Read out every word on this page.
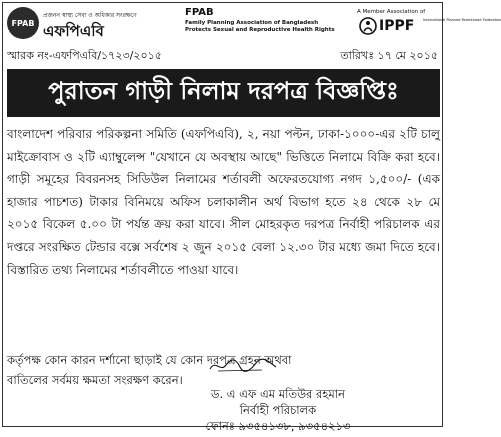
FPAB
প্রজনন স্বাস্থ্য সেবা ও অধিকার সংরক্ষণে
এফপিএবি
FPAB
Family Planning Association of Bangladesh
Protects Sexual and Reproductive Health Rights
A Member Association of
IPPF International Planned Parenthood Federation
স্মারক নং-এফপিএবি/১৭২৩/২০১৫	তারিখঃ ১৭ মে ২০১৫
পুরাতন গাড়ী নিলাম দরপত্র বিজ্ঞপ্তিঃ

বাংলাদেশ পরিবার পরিকল্পনা সমিতি (এফপিএবি), ২, নয়া পল্টন, ঢাকা-১০০০-এর ২টি চালু মাইক্রোবাস ও ২টি এ্যাম্বুলেন্স "যেখানে যে অবস্থায় আছে" ভিত্তিতে নিলামে বিক্রি করা হবে। গাড়ী সমূহের বিবরনসহ সিডিউল নিলামের শর্তাবলী অফেরতযোগ্য নগদ ১,৫০০/- (এক হাজার পাচশত) টাকার বিনিময়ে অফিস চলাকালীন অর্থ বিভাগ হতে ২৪ থেকে ২৮ মে ২০১৫ বিকেল ৫.০০ টা পর্যন্ত ক্রয় করা যাবে। সীল মোহরকৃত দরপত্র নির্বাহী পরিচালক এর দপ্তরে সংরক্ষিত টেন্ডার বক্সে সর্বশেষ ২ জুন ২০১৫ বেলা ১২.৩০ টার মধ্যে জমা দিতে হবে। বিস্তারিত তথ্য নিলামের শর্তাবলীতে পাওয়া যাবে।

কর্তৃপক্ষ কোন কারন দর্শানো ছাড়াই যে কোন দরপত্র গ্রহন অথবা বাতিলের সর্বময় ক্ষমতা সংরক্ষণ করেন।

ড. এ এফ এম মতিউর রহমান
নির্বাহী পরিচালক
ফোনঃ ৯৩৫৪১৩৮, ৯৩৫৪২১৩
